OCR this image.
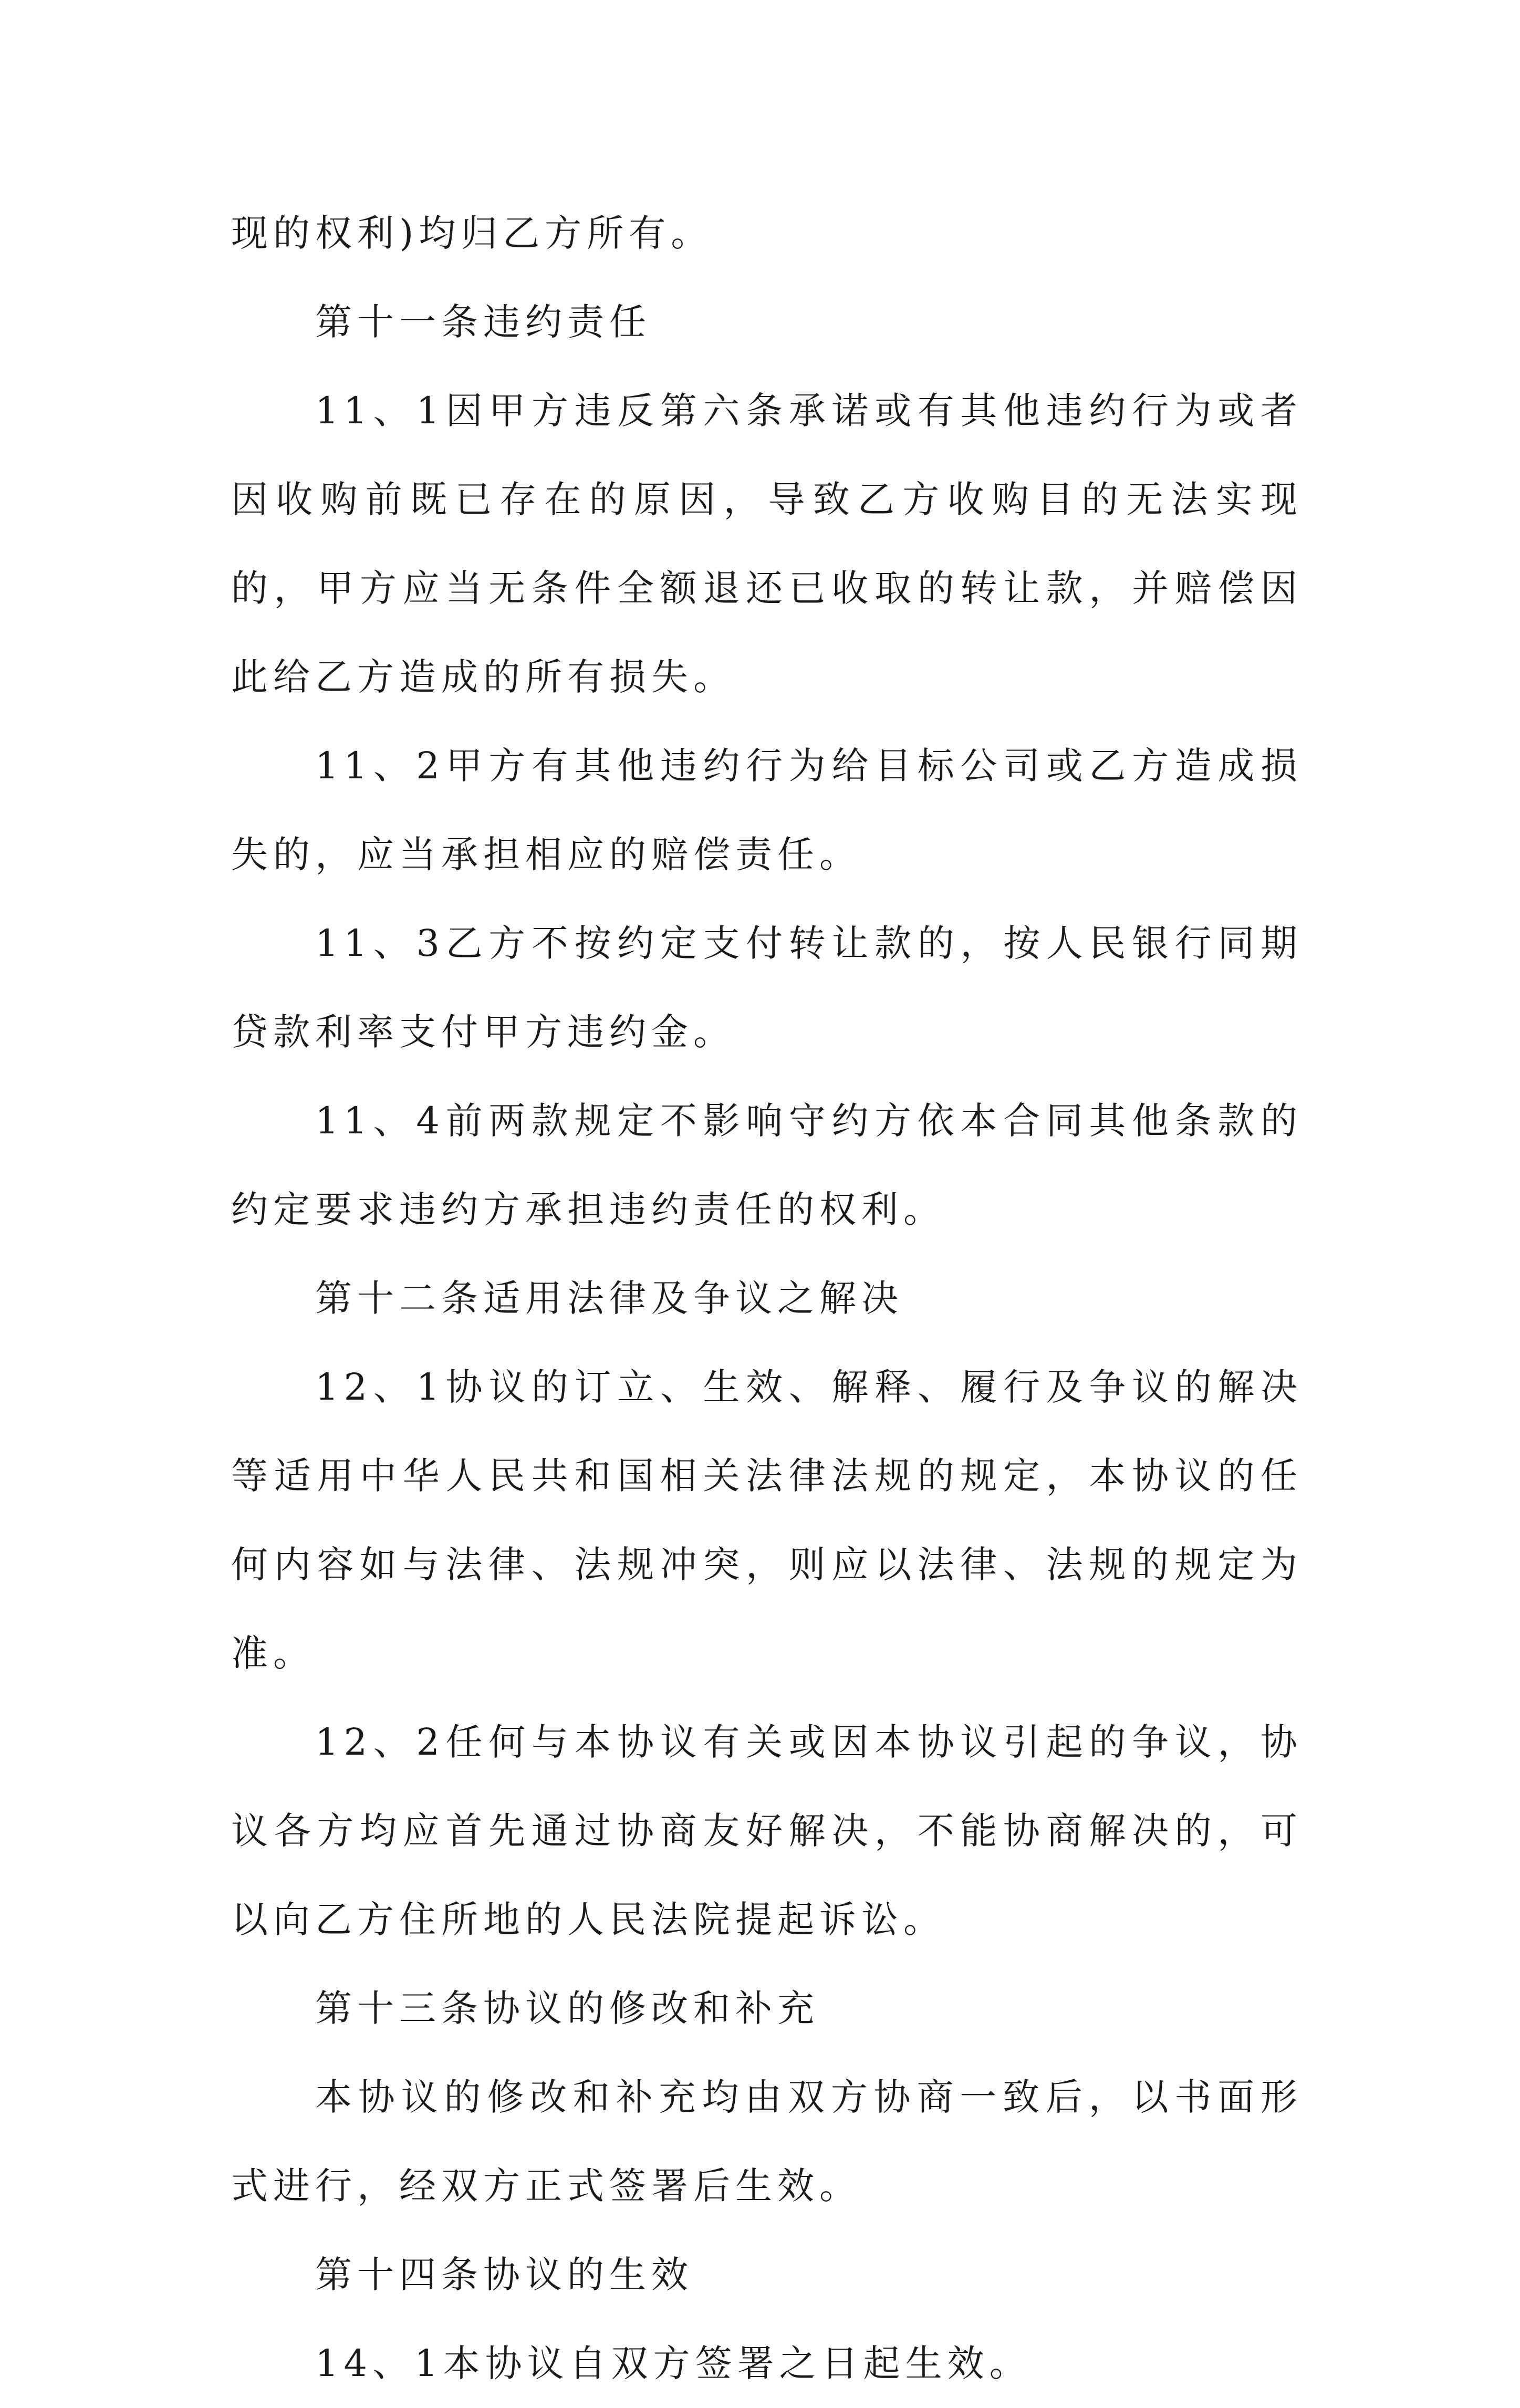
现的权利)均归乙方所有。

第十一条违约责任

11、1因甲方违反第六条承诺或有其他违约行为或者因收购前既已存在的原因，导致乙方收购目的无法实现的，甲方应当无条件全额退还已收取的转让款，并赔偿因此给乙方造成的所有损失。

11、2甲方有其他违约行为给目标公司或乙方造成损失的，应当承担相应的赔偿责任。

11、3乙方不按约定支付转让款的，按人民银行同期贷款利率支付甲方违约金。

11、4前两款规定不影响守约方依本合同其他条款的约定要求违约方承担违约责任的权利。

第十二条适用法律及争议之解决

12、1协议的订立、生效、解释、履行及争议的解决等适用中华人民共和国相关法律法规的规定，本协议的任何内容如与法律、法规冲突，则应以法律、法规的规定为准。

12、2任何与本协议有关或因本协议引起的争议，协议各方均应首先通过协商友好解决，不能协商解决的，可以向乙方住所地的人民法院提起诉讼。

第十三条协议的修改和补充

本协议的修改和补充均由双方协商一致后，以书面形式进行，经双方正式签署后生效。

第十四条协议的生效

14、1本协议自双方签署之日起生效。
